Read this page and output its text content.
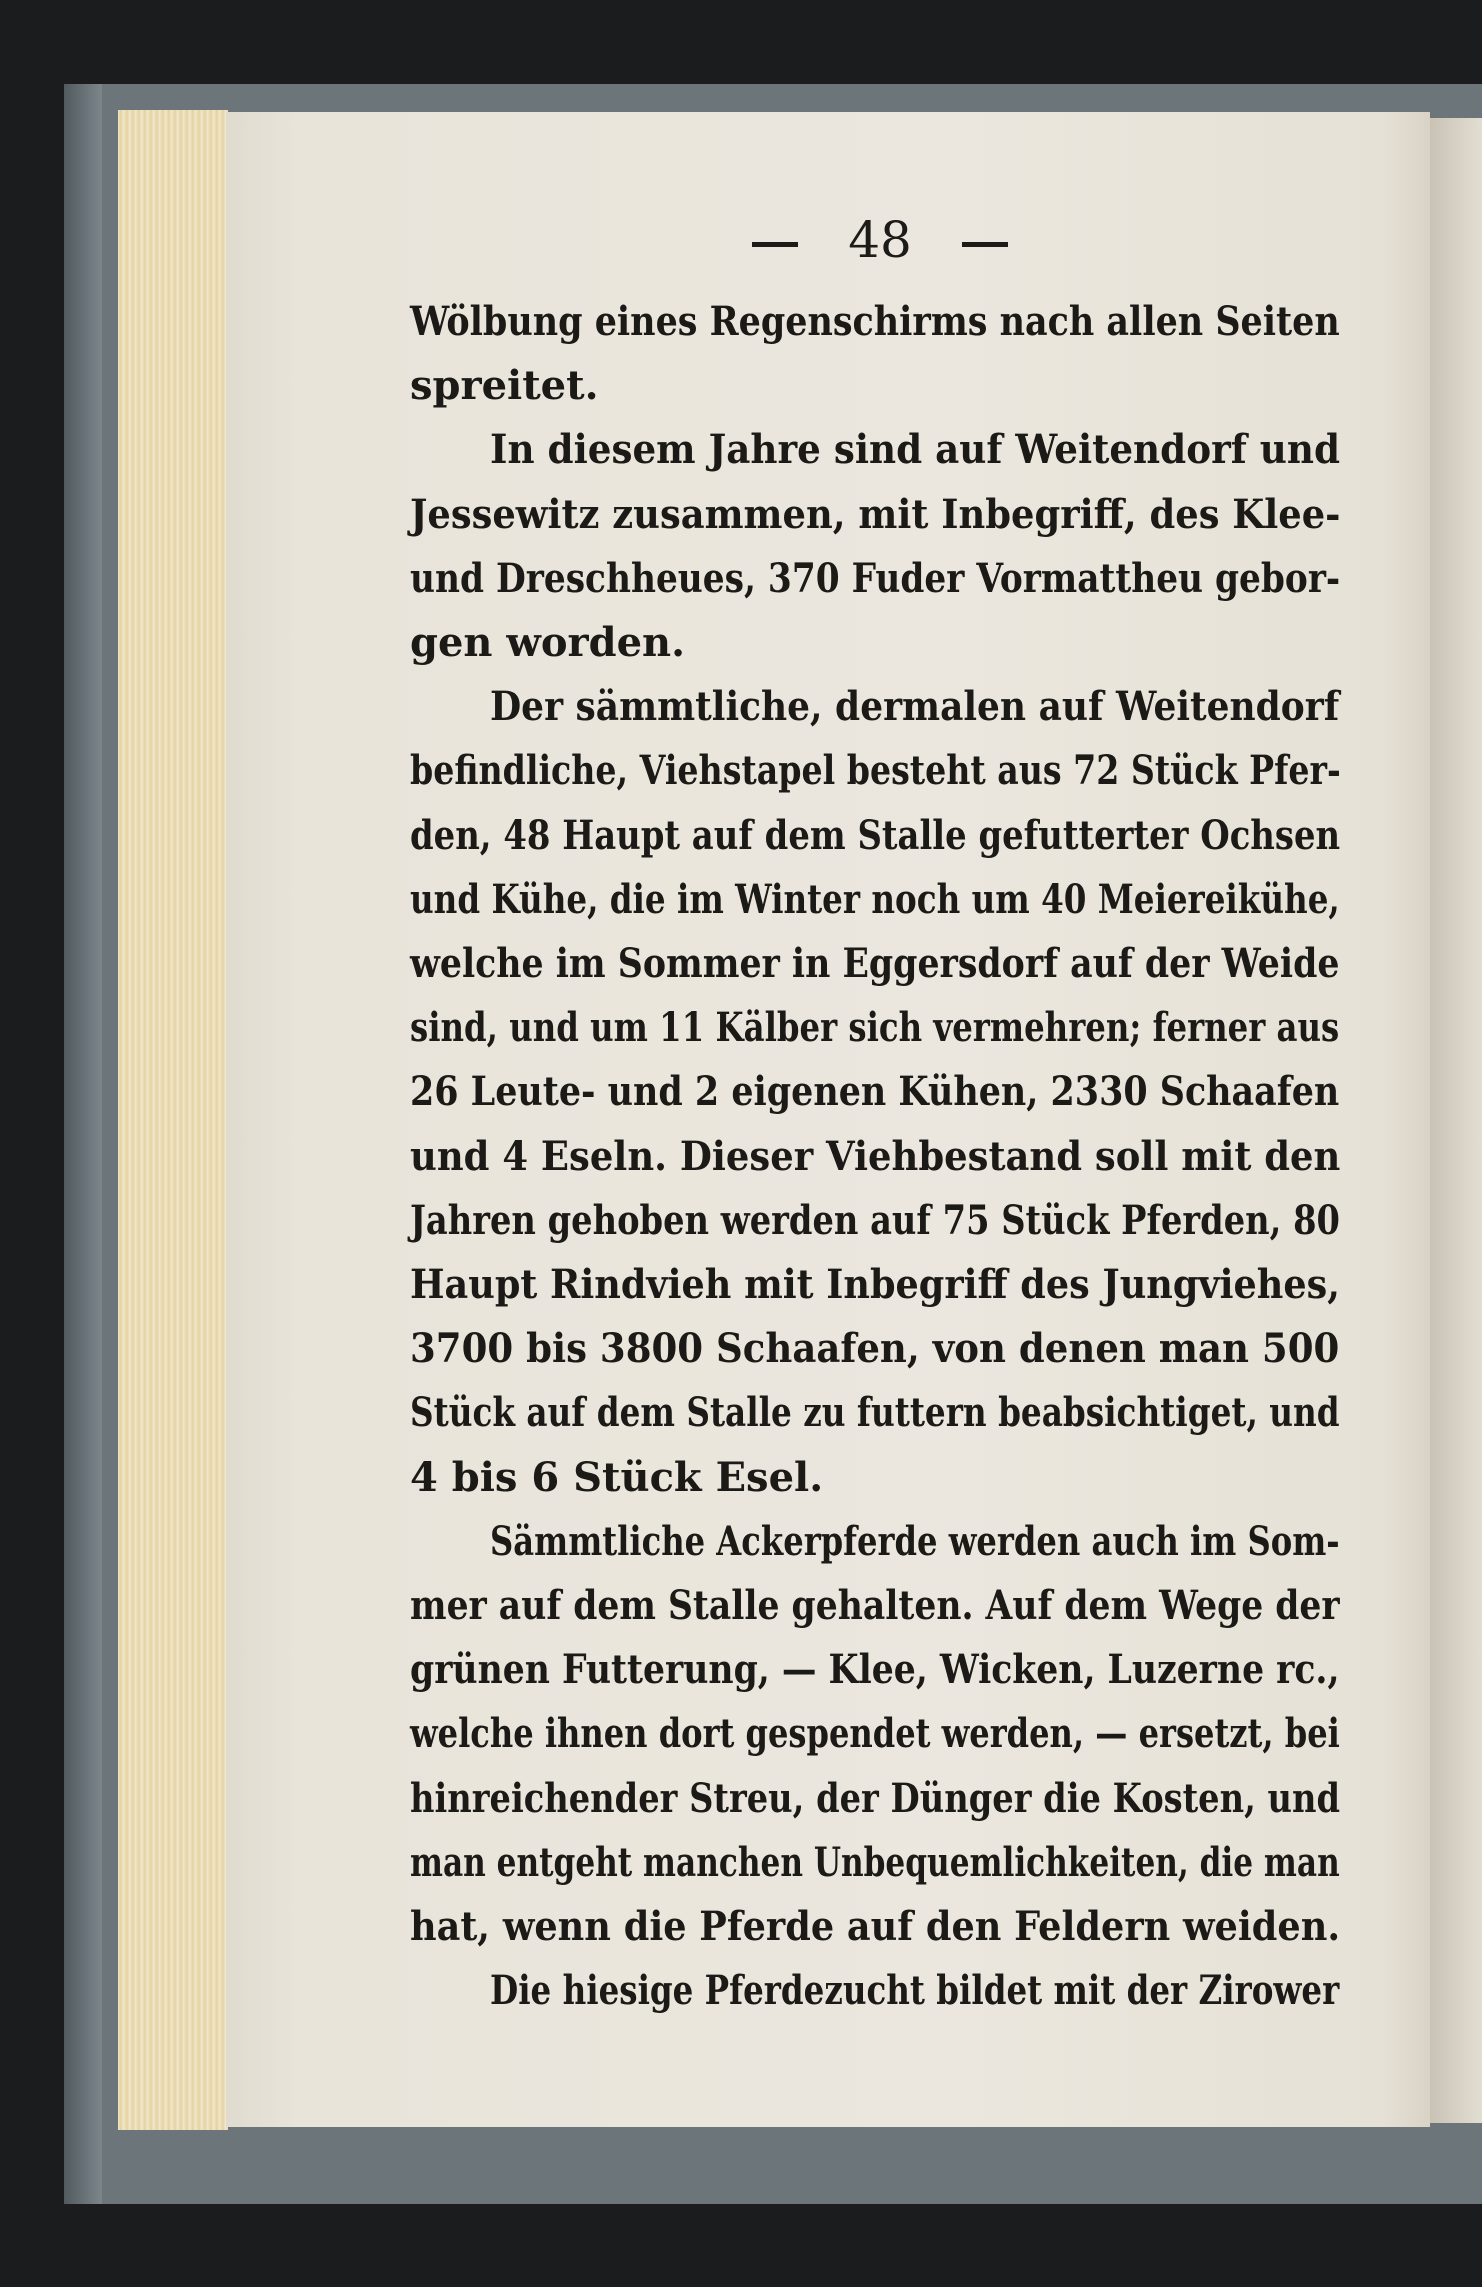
48
Wölbung eines Regenschirms nach allen Seiten
spreitet.
In diesem Jahre sind auf Weitendorf und
Jessewitz zusammen, mit Inbegriff, des Klee-
und Dreschheues, 370 Fuder Vormattheu gebor-
gen worden.
Der sämmtliche, dermalen auf Weitendorf
befindliche, Viehstapel besteht aus 72 Stück Pfer-
den, 48 Haupt auf dem Stalle gefutterter Ochsen
und Kühe, die im Winter noch um 40 Meiereikühe,
welche im Sommer in Eggersdorf auf der Weide
sind, und um 11 Kälber sich vermehren; ferner aus
26 Leute- und 2 eigenen Kühen, 2330 Schaafen
und 4 Eseln. Dieser Viehbestand soll mit den
Jahren gehoben werden auf 75 Stück Pferden, 80
Haupt Rindvieh mit Inbegriff des Jungviehes,
3700 bis 3800 Schaafen, von denen man 500
Stück auf dem Stalle zu futtern beabsichtiget, und
4 bis 6 Stück Esel.
Sämmtliche Ackerpferde werden auch im Som-
mer auf dem Stalle gehalten. Auf dem Wege der
grünen Futterung, — Klee, Wicken, Luzerne rc.,
welche ihnen dort gespendet werden, — ersetzt, bei
hinreichender Streu, der Dünger die Kosten, und
man entgeht manchen Unbequemlichkeiten, die man
hat, wenn die Pferde auf den Feldern weiden.
Die hiesige Pferdezucht bildet mit der Zirower
